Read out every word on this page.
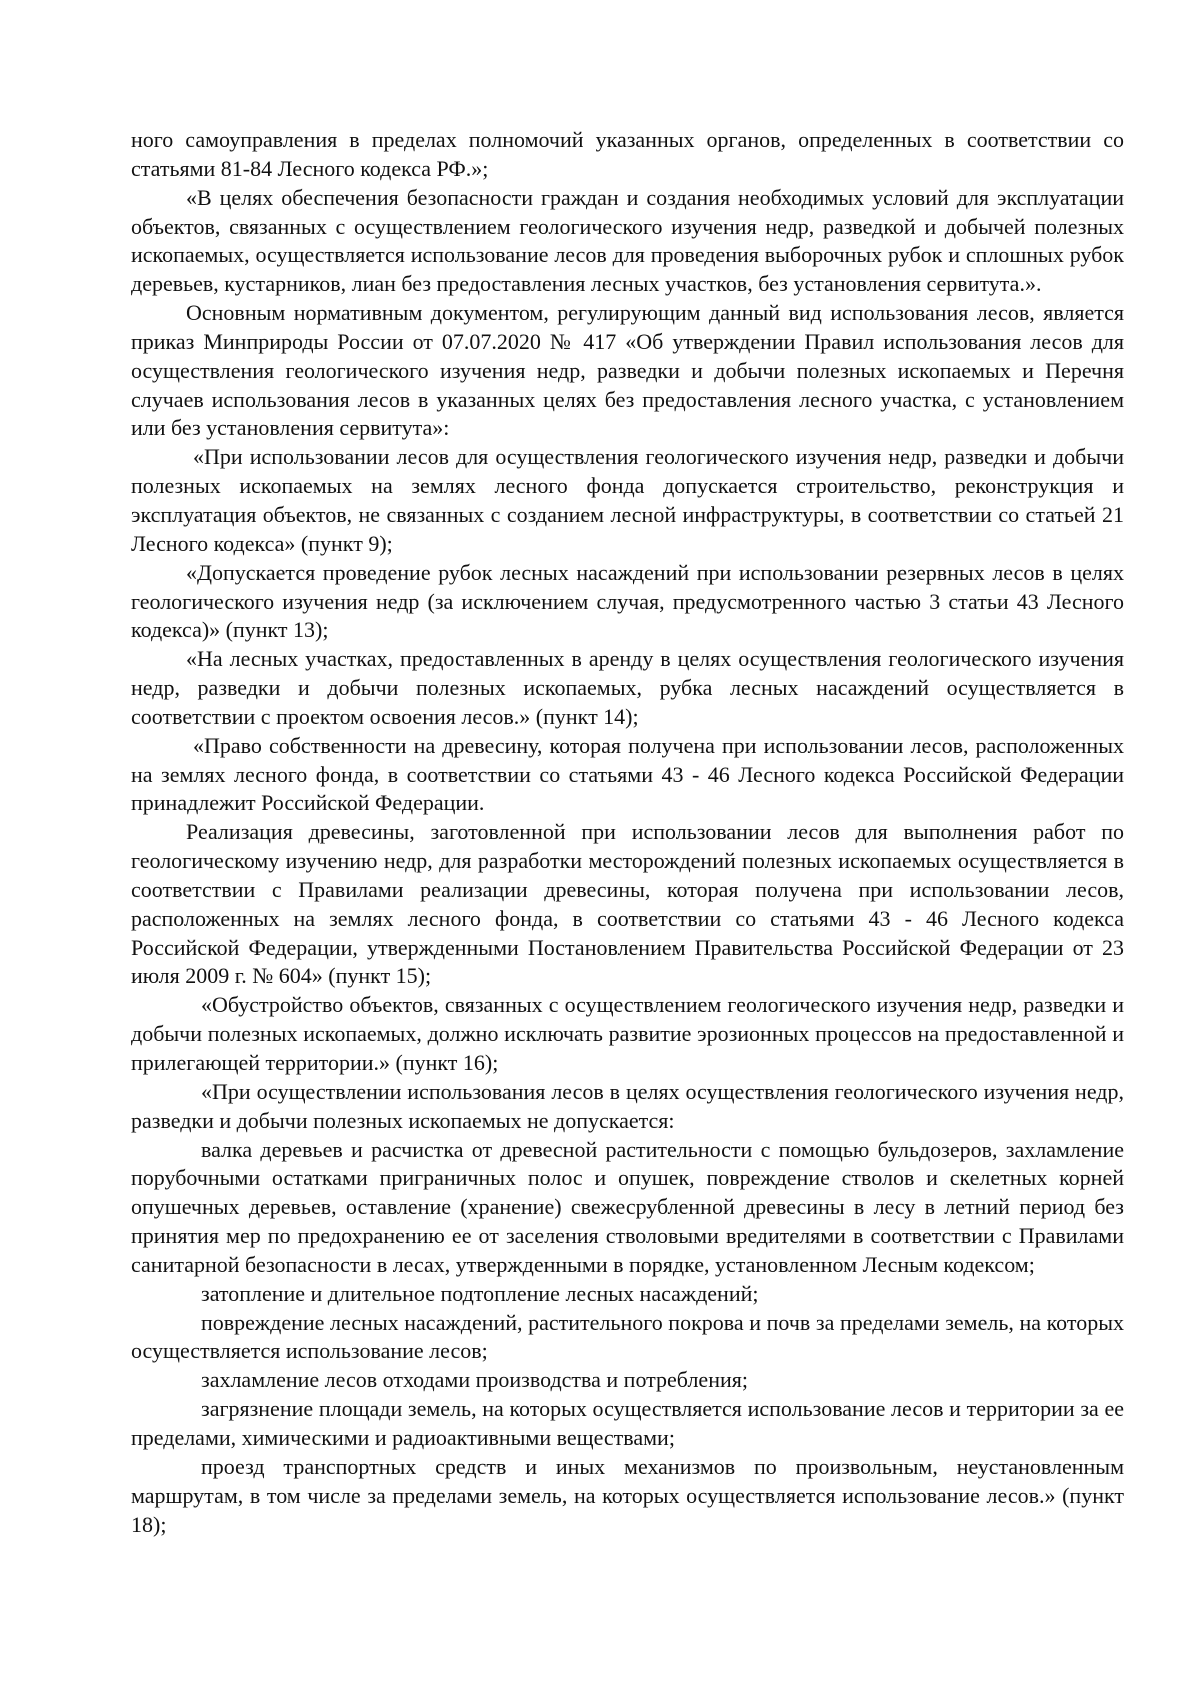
ного самоуправления в пределах полномочий указанных органов, определенных в соответствии со статьями 81-84 Лесного кодекса РФ.»;

«В целях обеспечения безопасности граждан и создания необходимых условий для эксплуатации объектов, связанных с осуществлением геологического изучения недр, разведкой и добычей полезных ископаемых, осуществляется использование лесов для проведения выборочных рубок и сплошных рубок деревьев, кустарников, лиан без предоставления лесных участков, без установления сервитута.».

Основным нормативным документом, регулирующим данный вид использования лесов, является приказ Минприроды России от 07.07.2020 № 417 «Об утверждении Правил использования лесов для осуществления геологического изучения недр, разведки и добычи полезных ископаемых и Перечня случаев использования лесов в указанных целях без предоставления лесного участка, с установлением или без установления сервитута»:

«При использовании лесов для осуществления геологического изучения недр, разведки и добычи полезных ископаемых на землях лесного фонда допускается строительство, реконструкция и эксплуатация объектов, не связанных с созданием лесной инфраструктуры, в соответствии со статьей 21 Лесного кодекса» (пункт 9);

«Допускается проведение рубок лесных насаждений при использовании резервных лесов в целях геологического изучения недр (за исключением случая, предусмотренного частью 3 статьи 43 Лесного кодекса)» (пункт 13);

«На лесных участках, предоставленных в аренду в целях осуществления геологического изучения недр, разведки и добычи полезных ископаемых, рубка лесных насаждений осуществляется в соответствии с проектом освоения лесов.» (пункт 14);

«Право собственности на древесину, которая получена при использовании лесов, расположенных на землях лесного фонда, в соответствии со статьями 43 - 46 Лесного кодекса Российской Федерации принадлежит Российской Федерации.

Реализация древесины, заготовленной при использовании лесов для выполнения работ по геологическому изучению недр, для разработки месторождений полезных ископаемых осуществляется в соответствии с Правилами реализации древесины, которая получена при использовании лесов, расположенных на землях лесного фонда, в соответствии со статьями 43 - 46 Лесного кодекса Российской Федерации, утвержденными Постановлением Правительства Российской Федерации от 23 июля 2009 г. № 604» (пункт 15);

«Обустройство объектов, связанных с осуществлением геологического изучения недр, разведки и добычи полезных ископаемых, должно исключать развитие эрозионных процессов на предоставленной и прилегающей территории.» (пункт 16);

«При осуществлении использования лесов в целях осуществления геологического изучения недр, разведки и добычи полезных ископаемых не допускается:

валка деревьев и расчистка от древесной растительности с помощью бульдозеров, захламление порубочными остатками приграничных полос и опушек, повреждение стволов и скелетных корней опушечных деревьев, оставление (хранение) свежесрубленной древесины в лесу в летний период без принятия мер по предохранению ее от заселения стволовыми вредителями в соответствии с Правилами санитарной безопасности в лесах, утвержденными в порядке, установленном Лесным кодексом;

затопление и длительное подтопление лесных насаждений;

повреждение лесных насаждений, растительного покрова и почв за пределами земель, на которых осуществляется использование лесов;

захламление лесов отходами производства и потребления;

загрязнение площади земель, на которых осуществляется использование лесов и территории за ее пределами, химическими и радиоактивными веществами;

проезд транспортных средств и иных механизмов по произвольным, неустановленным маршрутам, в том числе за пределами земель, на которых осуществляется использование лесов.» (пункт 18);
